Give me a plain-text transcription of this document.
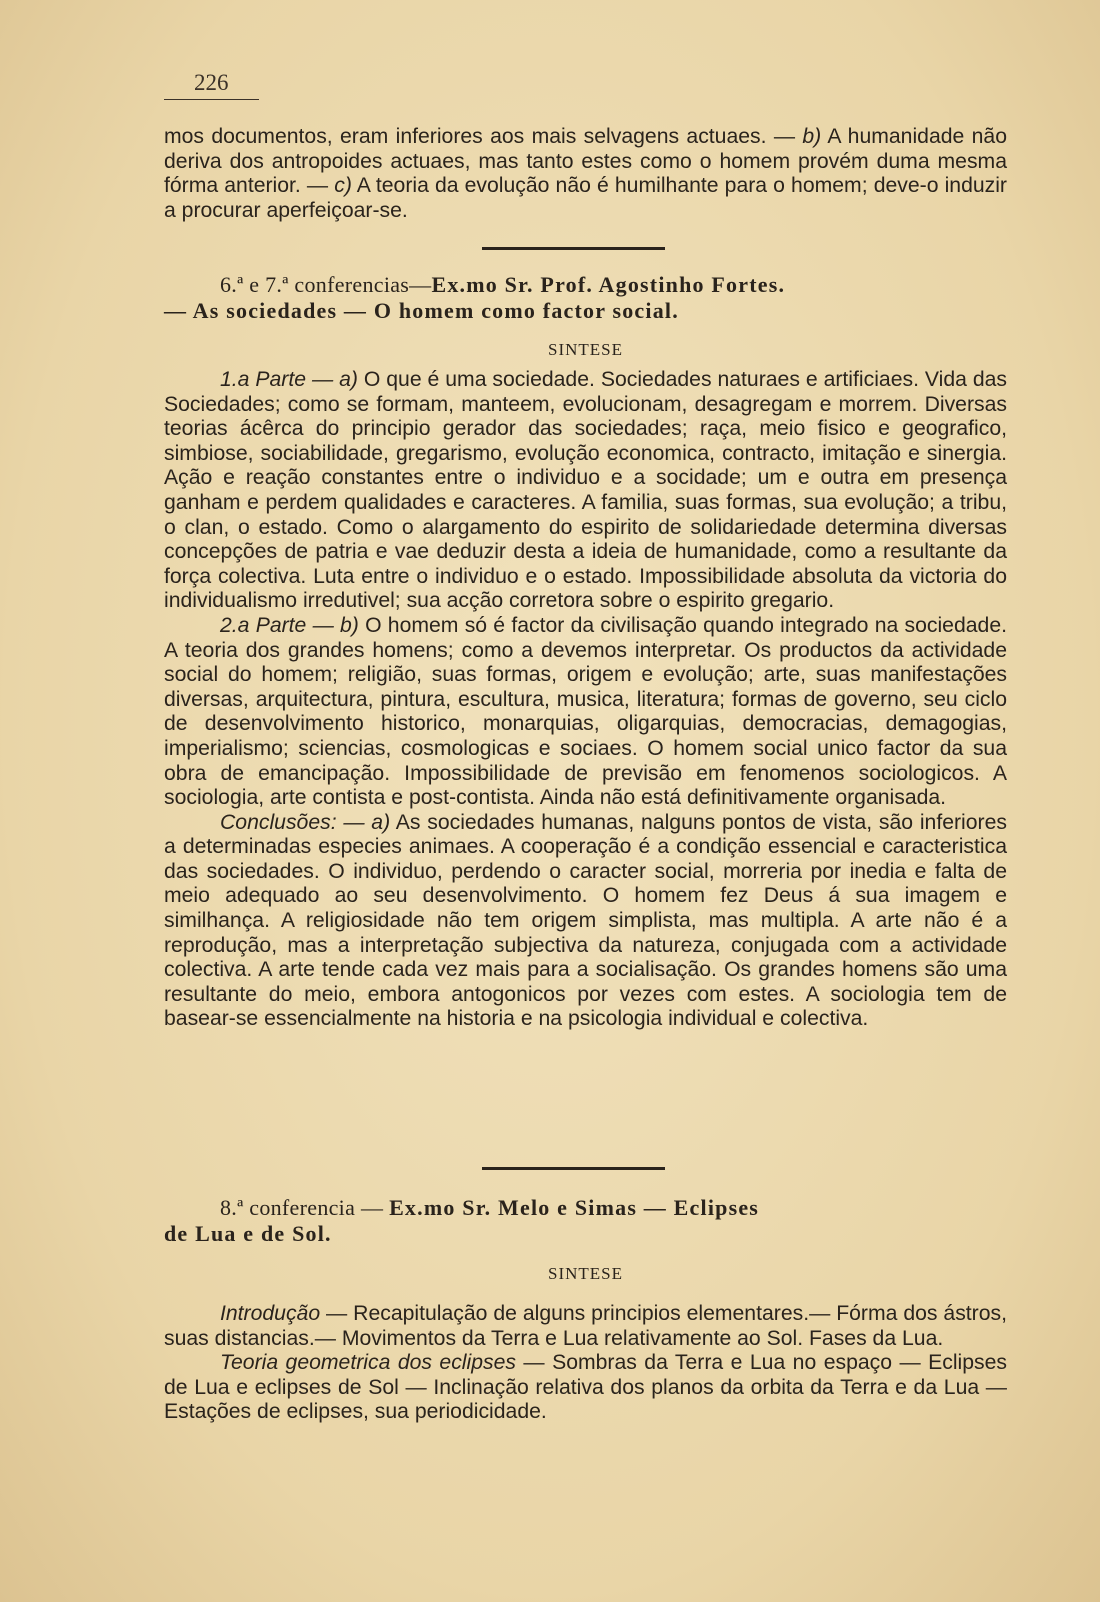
226

mos documentos, eram inferiores aos mais selvagens actuaes. — b) A humanidade não deriva dos antropoides actuaes, mas tanto estes como o homem provém duma mesma fórma anterior. — c) A teoria da evolução não é humilhante para o homem; deve-o induzir a procurar aperfeiçoar-se.

6.ª e 7.ª conferencias—Ex.mo Sr. Prof. Agostinho Fortes.
— As sociedades — O homem como factor social.
SINTESE

1.a Parte — a) O que é uma sociedade. Sociedades naturaes e artificiaes. Vida das Sociedades; como se formam, manteem, evolucionam, desagregam e morrem. Diversas teorias ácêrca do principio gerador das sociedades; raça, meio fisico e geografico, simbiose, sociabilidade, gregarismo, evolução economica, contracto, imitação e sinergia. Ação e reação constantes entre o individuo e a socidade; um e outra em presença ganham e perdem qualidades e caracteres. A familia, suas formas, sua evolução; a tribu, o clan, o estado. Como o alargamento do espirito de solidariedade determina diversas concepções de patria e vae deduzir desta a ideia de humanidade, como a resultante da força colectiva. Luta entre o individuo e o estado. Impossibilidade absoluta da victoria do individualismo irredutivel; sua acção corretora sobre o espirito gregario.

2.a Parte — b) O homem só é factor da civilisação quando integrado na sociedade. A teoria dos grandes homens; como a devemos interpretar. Os productos da actividade social do homem; religião, suas formas, origem e evolução; arte, suas manifestações diversas, arquitectura, pintura, escultura, musica, literatura; formas de governo, seu ciclo de desenvolvimento historico, monarquias, oligarquias, democracias, demagogias, imperialismo; sciencias, cosmologicas e sociaes. O homem social unico factor da sua obra de emancipação. Impossibilidade de previsão em fenomenos sociologicos. A sociologia, arte contista e post-contista. Ainda não está definitivamente organisada.

Conclusões: — a) As sociedades humanas, nalguns pontos de vista, são inferiores a determinadas especies animaes. A cooperação é a condição essencial e caracteristica das sociedades. O individuo, perdendo o caracter social, morreria por inedia e falta de meio adequado ao seu desenvolvimento. O homem fez Deus á sua imagem e similhança. A religiosidade não tem origem simplista, mas multipla. A arte não é a reprodução, mas a interpretação subjectiva da natureza, conjugada com a actividade colectiva. A arte tende cada vez mais para a socialisação. Os grandes homens são uma resultante do meio, embora antogonicos por vezes com estes. A sociologia tem de basear-se essencialmente na historia e na psicologia individual e colectiva.

8.ª conferencia — Ex.mo Sr. Melo e Simas — Eclipses
de Lua e de Sol.
SINTESE

Introdução — Recapitulação de alguns principios elementares.— Fórma dos ástros, suas distancias.— Movimentos da Terra e Lua relativamente ao Sol. Fases da Lua.

Teoria geometrica dos eclipses — Sombras da Terra e Lua no espaço — Eclipses de Lua e eclipses de Sol — Inclinação relativa dos planos da orbita da Terra e da Lua — Estações de eclipses, sua periodicidade.
